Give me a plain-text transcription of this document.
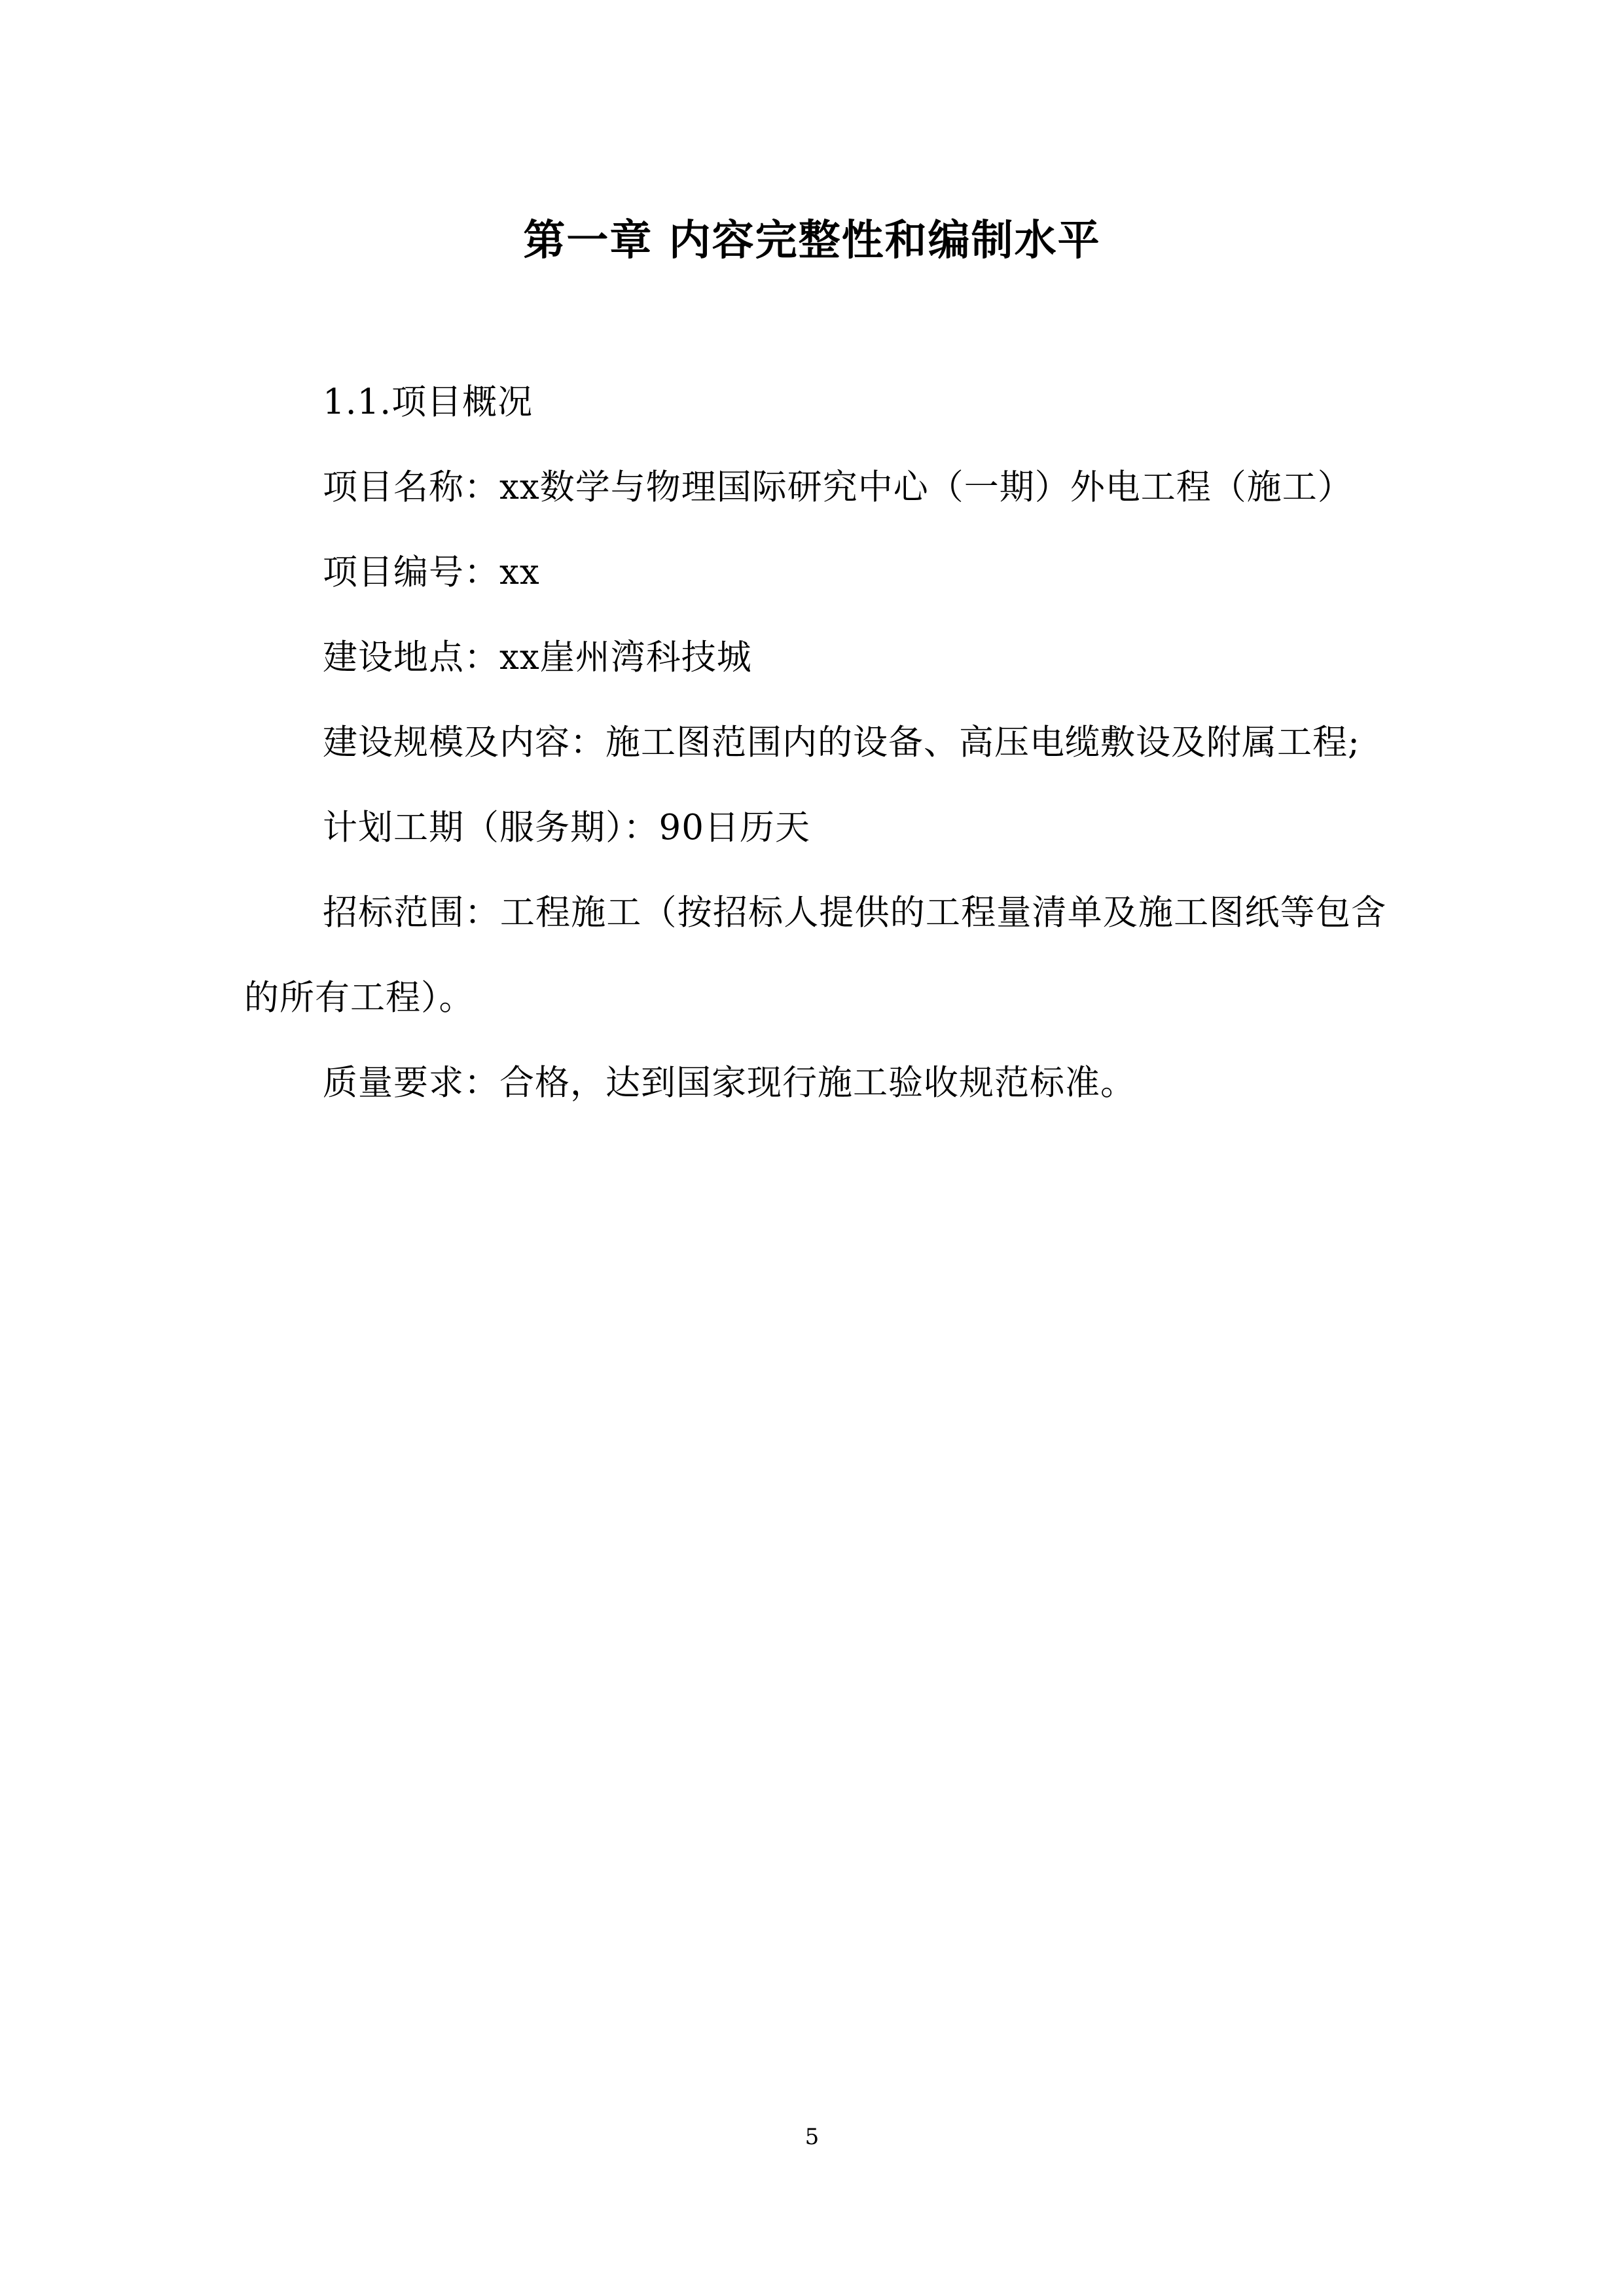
第一章 内容完整性和编制水平

1.1.项目概况

项目名称：xx数学与物理国际研究中心（一期）外电工程（施工）

项目编号：xx

建设地点：xx崖州湾科技城

建设规模及内容：施工图范围内的设备、高压电缆敷设及附属工程;

计划工期（服务期）：90日历天

招标范围：工程施工（按招标人提供的工程量清单及施工图纸等包含的所有工程）。

质量要求：合格，达到国家现行施工验收规范标准。

5
